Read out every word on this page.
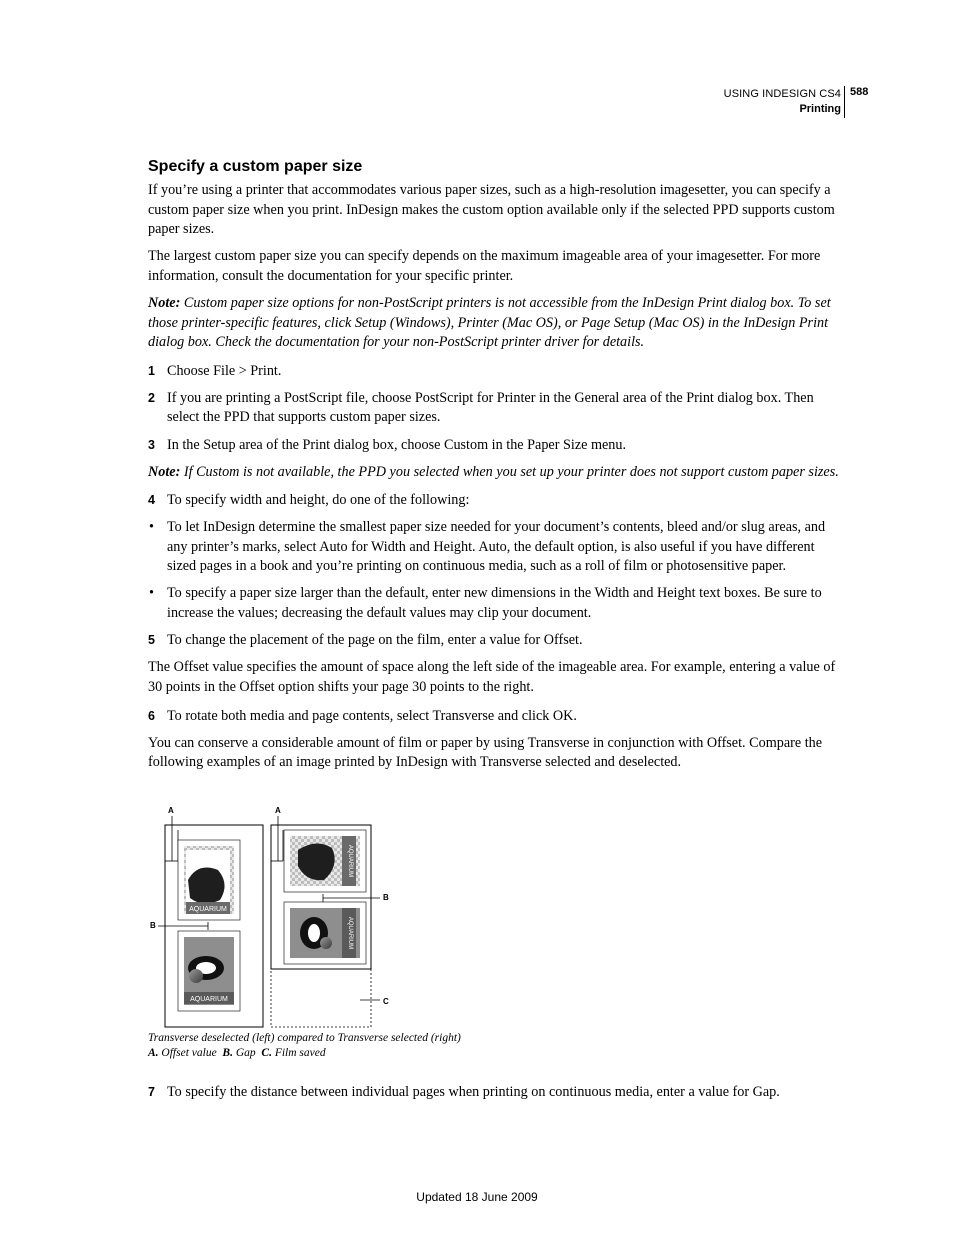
USING INDESIGN CS4
Printing
588
Specify a custom paper size

If you’re using a printer that accommodates various paper sizes, such as a high-resolution imagesetter, you can specify a custom paper size when you print. InDesign makes the custom option available only if the selected PPD supports custom paper sizes.

The largest custom paper size you can specify depends on the maximum imageable area of your imagesetter. For more information, consult the documentation for your specific printer.

Note: Custom paper size options for non-PostScript printers is not accessible from the InDesign Print dialog box. To set those printer-specific features, click Setup (Windows), Printer (Mac OS), or Page Setup (Mac OS) in the InDesign Print dialog box. Check the documentation for your non-PostScript printer driver for details.

1 Choose File > Print.
2 If you are printing a PostScript file, choose PostScript for Printer in the General area of the Print dialog box. Then select the PPD that supports custom paper sizes.
3 In the Setup area of the Print dialog box, choose Custom in the Paper Size menu.

Note: If Custom is not available, the PPD you selected when you set up your printer does not support custom paper sizes.

4 To specify width and height, do one of the following:
• To let InDesign determine the smallest paper size needed for your document’s contents, bleed and/or slug areas, and any printer’s marks, select Auto for Width and Height. Auto, the default option, is also useful if you have different sized pages in a book and you’re printing on continuous media, such as a roll of film or photosensitive paper.
• To specify a paper size larger than the default, enter new dimensions in the Width and Height text boxes. Be sure to increase the values; decreasing the default values may clip your document.
5 To change the placement of the page on the film, enter a value for Offset.

The Offset value specifies the amount of space along the left side of the imageable area. For example, entering a value of 30 points in the Offset option shifts your page 30 points to the right.

6 To rotate both media and page contents, select Transverse and click OK.

You can conserve a considerable amount of film or paper by using Transverse in conjunction with Offset. Compare the following examples of an image printed by InDesign with Transverse selected and deselected.

A	A
B
B
C
AQUARIUM
AQUARIUM
AQUARIUM
AQUARIUM
Transverse deselected (left) compared to Transverse selected (right)
A. Offset value  B. Gap  C. Film saved
7 To specify the distance between individual pages when printing on continuous media, enter a value for Gap.
Updated 18 June 2009
